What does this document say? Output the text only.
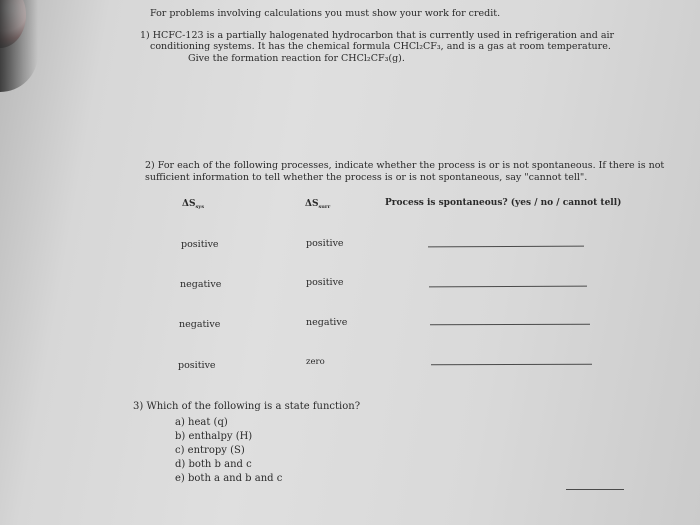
For problems involving calculations you must show your work for credit.
1) HCFC-123 is a partially halogenated hydrocarbon that is currently used in refrigeration and air
conditioning systems. It has the chemical formula CHCl₂CF₃, and is a gas at room temperature.
Give the formation reaction for CHCl₂CF₃(g).
2) For each of the following processes, indicate whether the process is or is not spontaneous. If there is not
sufficient information to tell whether the process is or is not spontaneous, say "cannot tell".
$\Delta S_{sys}$	$\Delta S_{surr}$	Process is spontaneous? (yes / no / cannot tell)
positive	positive
negative	positive
negative	negative
positive	zero
3) Which of the following is a state function?
a) heat (q)
b) enthalpy (H)
c) entropy (S)
d) both b and c
e) both a and b and c
